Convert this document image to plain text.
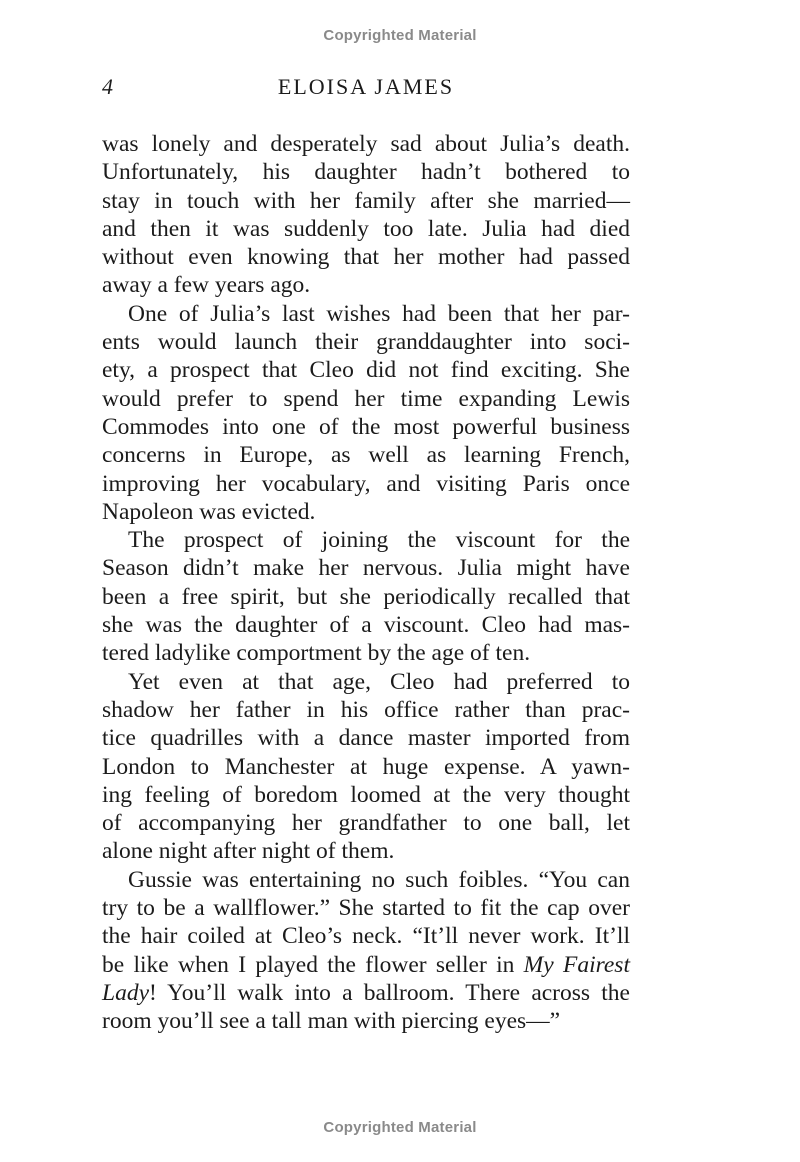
Copyrighted Material
4	ELOISA JAMES

was lonely and desperately sad about Julia’s death.
Unfortunately, his daughter hadn’t bothered to
stay in touch with her family after she married—
and then it was suddenly too late. Julia had died
without even knowing that her mother had passed
away a few years ago.

One of Julia’s last wishes had been that her par-
ents would launch their granddaughter into soci-
ety, a prospect that Cleo did not find exciting. She
would prefer to spend her time expanding Lewis
Commodes into one of the most powerful business
concerns in Europe, as well as learning French,
improving her vocabulary, and visiting Paris once
Napoleon was evicted.

The prospect of joining the viscount for the
Season didn’t make her nervous. Julia might have
been a free spirit, but she periodically recalled that
she was the daughter of a viscount. Cleo had mas-
tered ladylike comportment by the age of ten.

Yet even at that age, Cleo had preferred to
shadow her father in his office rather than prac-
tice quadrilles with a dance master imported from
London to Manchester at huge expense. A yawn-
ing feeling of boredom loomed at the very thought
of accompanying her grandfather to one ball, let
alone night after night of them.

Gussie was entertaining no such foibles. “You can
try to be a wallflower.” She started to fit the cap over
the hair coiled at Cleo’s neck. “It’ll never work. It’ll
be like when I played the flower seller in My Fairest
Lady! You’ll walk into a ballroom. There across the
room you’ll see a tall man with piercing eyes—”

Copyrighted Material
